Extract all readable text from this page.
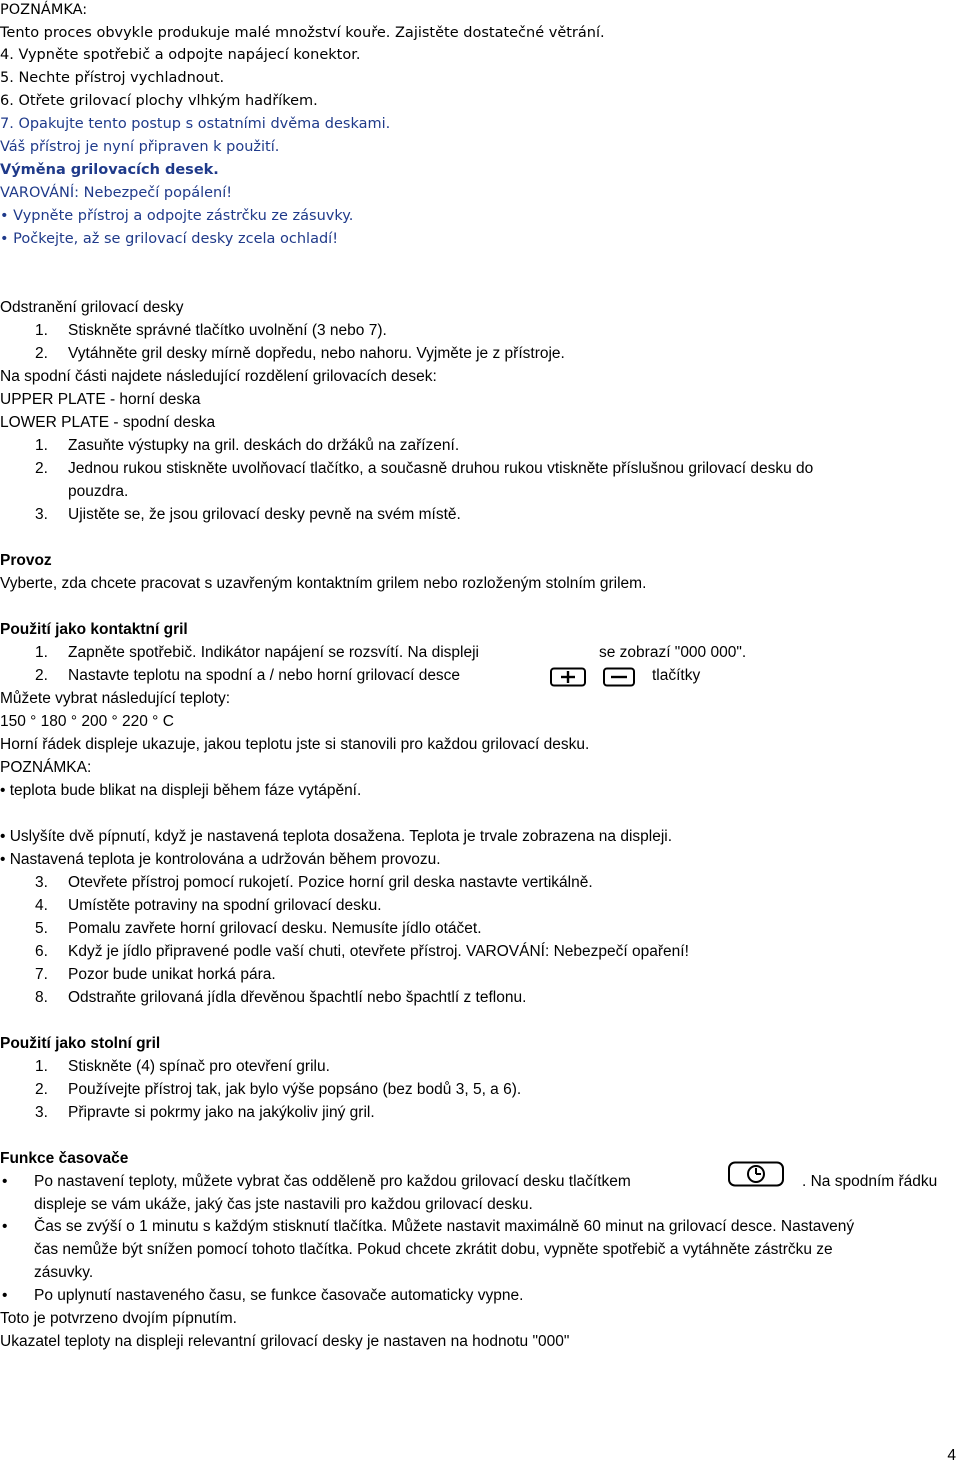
POZNÁMKA:
Tento proces obvykle produkuje malé množství kouře. Zajistěte dostatečné větrání.
4. Vypněte spotřebič a odpojte napájecí konektor.
5. Nechte přístroj vychladnout.
6. Otřete grilovací plochy vlhkým hadříkem.
7. Opakujte tento postup s ostatními dvěma deskami.
Váš přístroj je nyní připraven k použití.
Výměna grilovacích desek.
VAROVÁNÍ: Nebezpečí popálení!
• Vypněte přístroj a odpojte zástrčku ze zásuvky.
• Počkejte, až se grilovací desky zcela ochladí!
Odstranění grilovací desky
1. Stiskněte správné tlačítko uvolnění (3 nebo 7).
2. Vytáhněte gril desky mírně dopředu, nebo nahoru. Vyjměte je z přístroje.
Na spodní části najdete následující rozdělení grilovacích desek:
UPPER PLATE - horní deska
LOWER PLATE - spodní deska
1. Zasuňte výstupky na gril. deskách do držáků na zařízení.
2. Jednou rukou stiskněte uvolňovací tlačítko, a současně druhou rukou vtiskněte příslušnou grilovací desku do
pouzdra.
3. Ujistěte se, že jsou grilovací desky pevně na svém místě.
Provoz
Vyberte, zda chcete pracovat s uzavřeným kontaktním grilem nebo rozloženým stolním grilem.
Použití jako kontaktní gril
1. Zapněte spotřebič. Indikátor napájení se rozsvítí. Na displeji	se zobrazí "000 000".
2. Nastavte teplotu na spodní a / nebo horní grilovací desce	tlačítky
Můžete vybrat následující teploty:
150 ° 180 ° 200 ° 220 ° C
Horní řádek displeje ukazuje, jakou teplotu jste si stanovili pro každou grilovací desku.
POZNÁMKA:
• teplota bude blikat na displeji během fáze vytápění.
• Uslyšíte dvě pípnutí, když je nastavená teplota dosažena. Teplota je trvale zobrazena na displeji.
• Nastavená teplota je kontrolována a udržován během provozu.
3. Otevřete přístroj pomocí rukojetí. Pozice horní gril deska nastavte vertikálně.
4. Umístěte potraviny na spodní grilovací desku.
5. Pomalu zavřete horní grilovací desku. Nemusíte jídlo otáčet.
6. Když je jídlo připravené podle vaší chuti, otevřete přístroj. VAROVÁNÍ: Nebezpečí opaření!
7. Pozor bude unikat horká pára.
8. Odstraňte grilovaná jídla dřevěnou špachtlí nebo špachtlí z teflonu.
Použití jako stolní gril
1. Stiskněte (4) spínač pro otevření grilu.
2. Používejte přístroj tak, jak bylo výše popsáno (bez bodů 3, 5, a 6).
3. Připravte si pokrmy jako na jakýkoliv jiný gril.
Funkce časovače
• Po nastavení teploty, můžete vybrat čas odděleně pro každou grilovací desku tlačítkem	. Na spodním řádku
displeje se vám ukáže, jaký čas jste nastavili pro každou grilovací desku.
• Čas se zvýší o 1 minutu s každým stisknutí tlačítka. Můžete nastavit maximálně 60 minut na grilovací desce. Nastavený
čas nemůže být snížen pomocí tohoto tlačítka. Pokud chcete zkrátit dobu, vypněte spotřebič a vytáhněte zástrčku ze
zásuvky.
• Po uplynutí nastaveného času, se funkce časovače automaticky vypne.
Toto je potvrzeno dvojím pípnutím.
Ukazatel teploty na displeji relevantní grilovací desky je nastaven na hodnotu "000"
4
